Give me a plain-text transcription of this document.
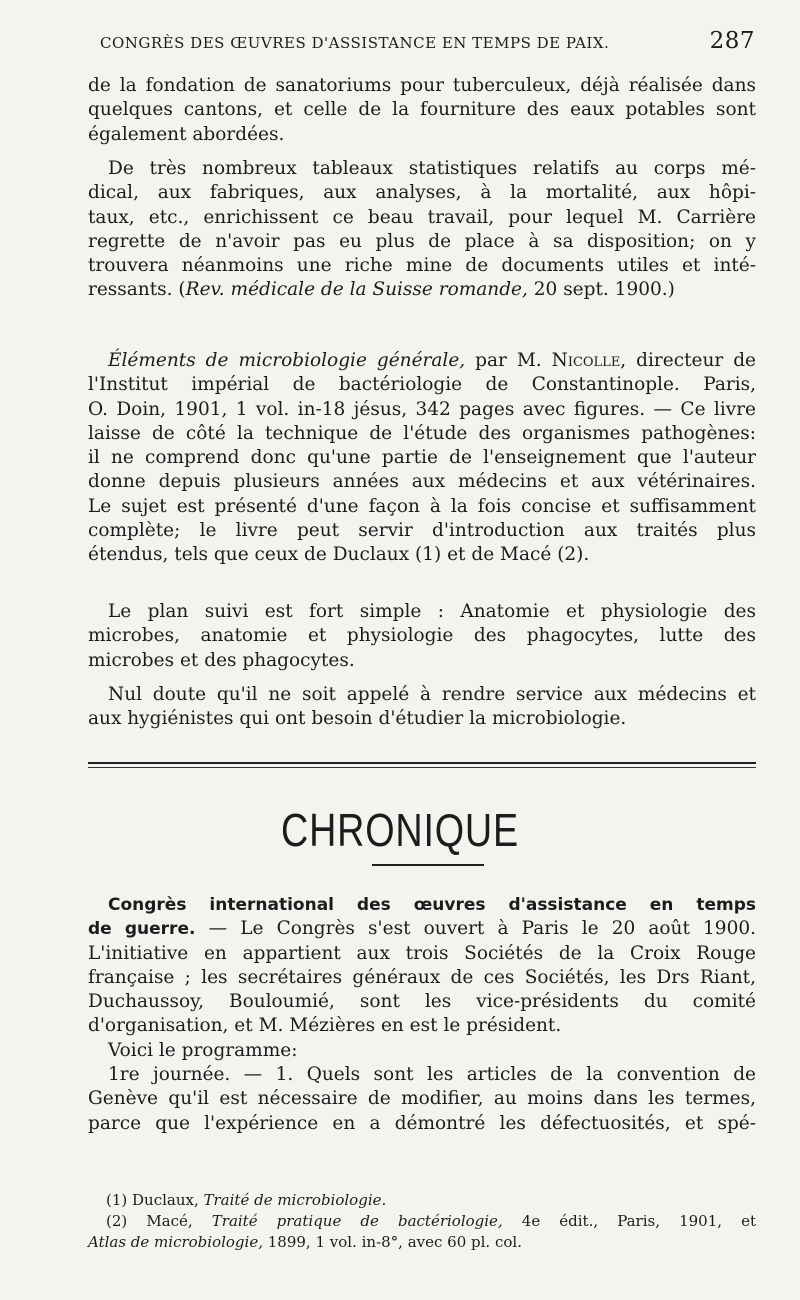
CONGRÈS DES ŒUVRES D'ASSISTANCE EN TEMPS DE PAIX.	287
de la fondation de sanatoriums pour tuberculeux, déjà réalisée dans
quelques cantons, et celle de la fourniture des eaux potables sont
également abordées.
De très nombreux tableaux statistiques relatifs au corps mé-
dical, aux fabriques, aux analyses, à la mortalité, aux hôpi-
taux, etc., enrichissent ce beau travail, pour lequel M. Carrière
regrette de n'avoir pas eu plus de place à sa disposition; on y
trouvera néanmoins une riche mine de documents utiles et inté-
ressants. (Rev. médicale de la Suisse romande, 20 sept. 1900.)
Éléments de microbiologie générale, par M. Nicolle, directeur de
l'Institut impérial de bactériologie de Constantinople. Paris,
O. Doin, 1901, 1 vol. in-18 jésus, 342 pages avec figures. — Ce livre
laisse de côté la technique de l'étude des organismes pathogènes:
il ne comprend donc qu'une partie de l'enseignement que l'auteur
donne depuis plusieurs années aux médecins et aux vétérinaires.
Le sujet est présenté d'une façon à la fois concise et suffisamment
complète; le livre peut servir d'introduction aux traités plus
étendus, tels que ceux de Duclaux (1) et de Macé (2).
Le plan suivi est fort simple : Anatomie et physiologie des
microbes, anatomie et physiologie des phagocytes, lutte des
microbes et des phagocytes.
Nul doute qu'il ne soit appelé à rendre service aux médecins et
aux hygiénistes qui ont besoin d'étudier la microbiologie.
CHRONIQUE
Congrès international des œuvres d'assistance en temps
de guerre. — Le Congrès s'est ouvert à Paris le 20 août 1900.
L'initiative en appartient aux trois Sociétés de la Croix Rouge
française ; les secrétaires généraux de ces Sociétés, les Drs Riant,
Duchaussoy, Bouloumié, sont les vice-présidents du comité
d'organisation, et M. Mézières en est le président.
Voici le programme:
1re journée. — 1. Quels sont les articles de la convention de
Genève qu'il est nécessaire de modifier, au moins dans les termes,
parce que l'expérience en a démontré les défectuosités, et spé-
(1) Duclaux, Traité de microbiologie.
(2) Macé, Traité pratique de bactériologie, 4e édit., Paris, 1901, et
Atlas de microbiologie, 1899, 1 vol. in-8°, avec 60 pl. col.
